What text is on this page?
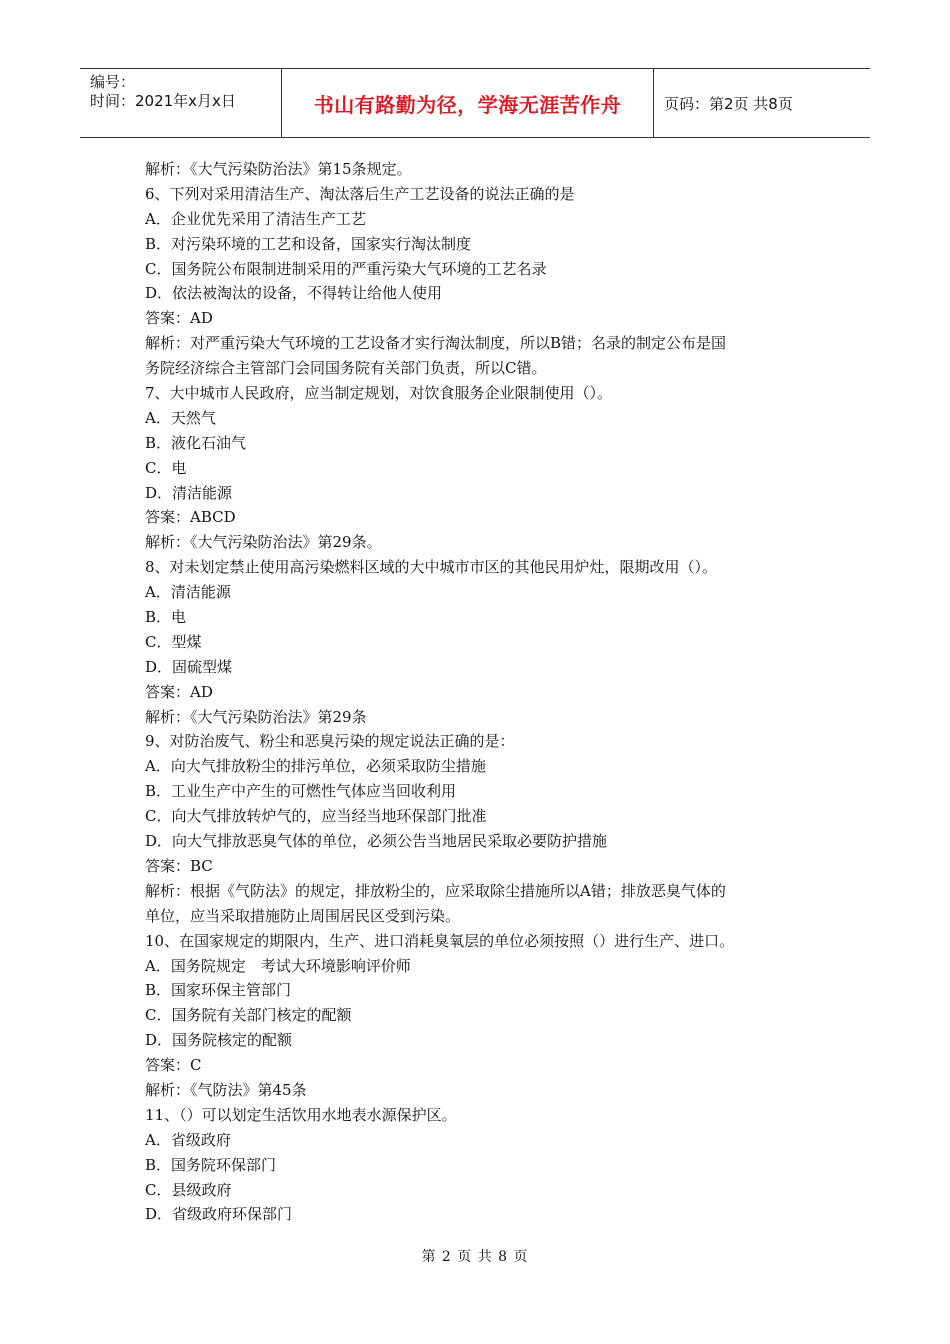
编号：
时间：2021年x月x日	书山有路勤为径，学海无涯苦作舟	页码：第2页 共8页
解析：《大气污染防治法》第15条规定。
6、下列对采用清洁生产、淘汰落后生产工艺设备的说法正确的是
A．企业优先采用了清洁生产工艺
B．对污染环境的工艺和设备，国家实行淘汰制度
C．国务院公布限制进制采用的严重污染大气环境的工艺名录
D．依法被淘汰的设备，不得转让给他人使用
答案：AD
解析：对严重污染大气环境的工艺设备才实行淘汰制度，所以B错；名录的制定公布是国
务院经济综合主管部门会同国务院有关部门负责，所以C错。
7、大中城市人民政府，应当制定规划，对饮食服务企业限制使用（）。
A．天然气
B．液化石油气
C．电
D．清洁能源
答案：ABCD
解析：《大气污染防治法》第29条。
8、对未划定禁止使用高污染燃料区域的大中城市市区的其他民用炉灶，限期改用（）。
A．清洁能源
B．电
C．型煤
D．固硫型煤
答案：AD
解析：《大气污染防治法》第29条
9、对防治废气、粉尘和恶臭污染的规定说法正确的是：
A．向大气排放粉尘的排污单位，必须采取防尘措施
B．工业生产中产生的可燃性气体应当回收利用
C．向大气排放转炉气的，应当经当地环保部门批准
D．向大气排放恶臭气体的单位，必须公告当地居民采取必要防护措施
答案：BC
解析：根据《气防法》的规定，排放粉尘的，应采取除尘措施所以A错；排放恶臭气体的
单位，应当采取措施防止周围居民区受到污染。
10、在国家规定的期限内，生产、进口消耗臭氧层的单位必须按照（）进行生产、进口。
A．国务院规定　考试大环境影响评价师
B．国家环保主管部门
C．国务院有关部门核定的配额
D．国务院核定的配额
答案：C
解析：《气防法》第45条
11、（）可以划定生活饮用水地表水源保护区。
A．省级政府
B．国务院环保部门
C．县级政府
D．省级政府环保部门
第 2 页 共 8 页
